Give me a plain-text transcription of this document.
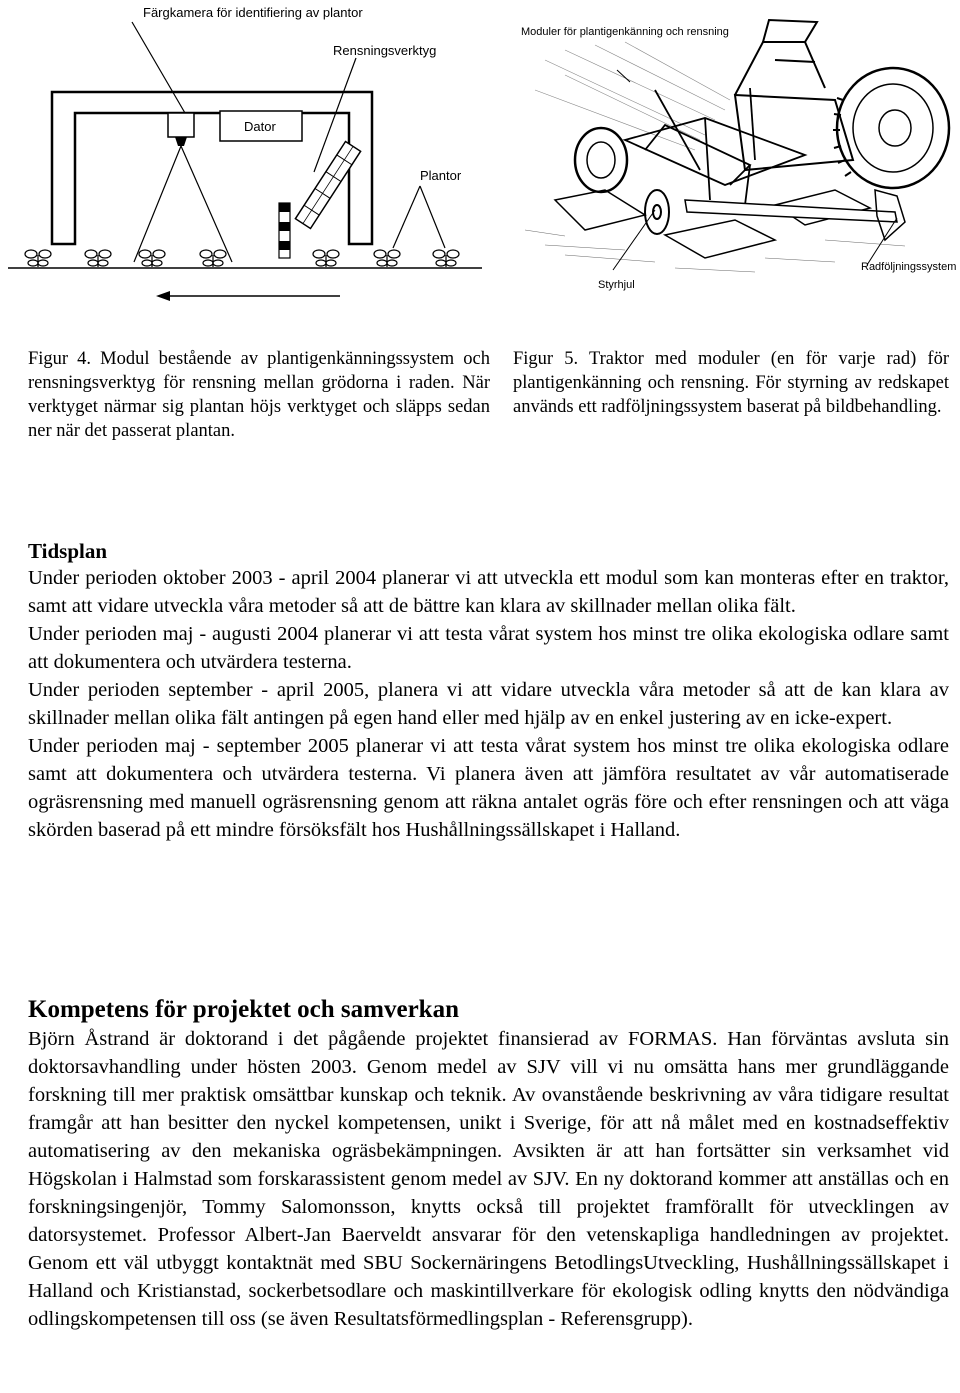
Färgkamera för identifiering av plantor
Rensningsverktyg
Dator
Plantor
Moduler för plantigenkänning och rensning
Radföljningssystem
Styrhjul
Figur 4. Modul bestående av plantigenkänningssystem och rensningsverktyg för rensning mellan grödorna i raden. När verktyget närmar sig plantan höjs verktyget och släpps sedan ner när det passerat plantan.
Figur 5. Traktor med moduler (en för varje rad) för plantigenkänning och rensning. För styrning av redskapet används ett radföljningssystem baserat på bildbehandling.
Tidsplan

Under perioden oktober 2003 - april 2004 planerar vi att utveckla ett modul som kan monteras efter en traktor, samt att vidare utveckla våra metoder så att de bättre kan klara av skillnader mellan olika fält.

Under perioden maj - augusti 2004 planerar vi att testa vårat system hos minst tre olika ekologiska odlare samt att dokumentera och utvärdera testerna.

Under perioden september - april 2005, planera vi att vidare utveckla våra metoder så att de kan klara av skillnader mellan olika fält antingen på egen hand eller med hjälp av en enkel justering av en icke-expert.

Under perioden maj - september 2005 planerar vi att testa vårat system hos minst tre olika ekologiska odlare samt att dokumentera och utvärdera testerna. Vi planera även att jämföra resultatet av vår automatiserade ogräsrensning med manuell ogräsrensning genom att räkna antalet ogräs före och efter rensningen och att väga skörden baserad på ett mindre försöksfält hos Hushållningssällskapet i Halland.

Kompetens för projektet och samverkan

Björn Åstrand är doktorand i det pågående projektet finansierad av FORMAS. Han förväntas avsluta sin doktorsavhandling under hösten 2003. Genom medel av SJV vill vi nu omsätta hans mer grundläggande forskning till mer praktisk omsättbar kunskap och teknik. Av ovanstående beskrivning av våra tidigare resultat framgår att han besitter den nyckel kompetensen, unikt i Sverige, för att nå målet med en kostnadseffektiv automatisering av den mekaniska ogräsbekämpningen. Avsikten är att han fortsätter sin verksamhet vid Högskolan i Halmstad som forskarassistent genom medel av SJV. En ny doktorand kommer att anställas och en forskningsingenjör, Tommy Salomonsson, knytts också till projektet framförallt för utvecklingen av datorsystemet. Professor Albert-Jan Baerveldt ansvarar för den vetenskapliga handledningen av projektet. Genom ett väl utbyggt kontaktnät med SBU Sockernäringens BetodlingsUtveckling, Hushållningssällskapet i Halland och Kristianstad, sockerbetsodlare och maskintillverkare för ekologisk odling knytts den nödvändiga odlingskompetensen till oss (se även Resultatsförmedlingsplan - Referensgrupp).
